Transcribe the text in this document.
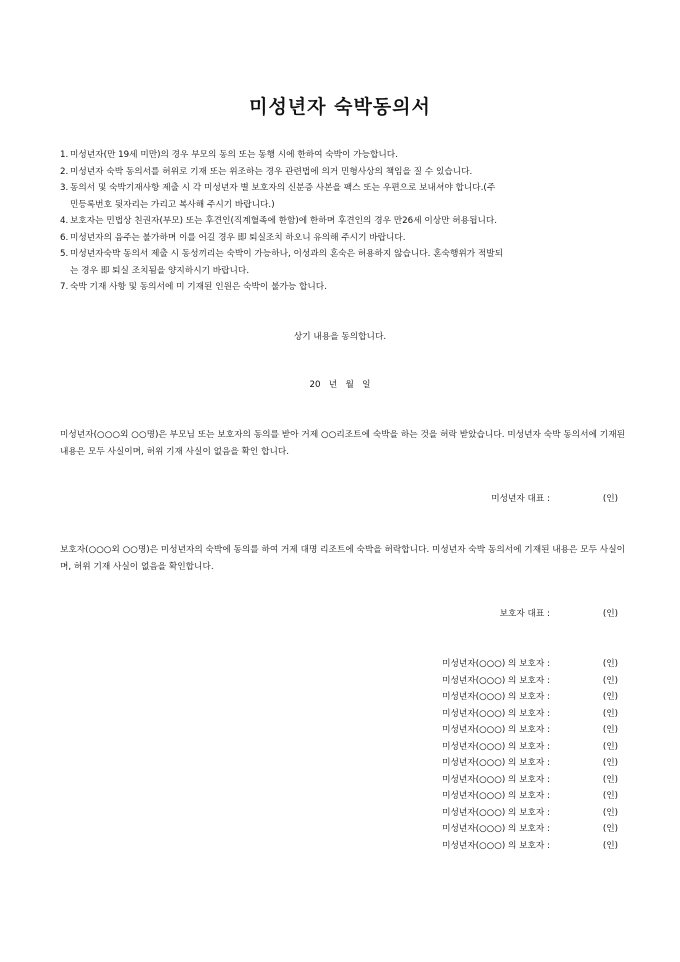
미성년자 숙박동의서
1. 미성년자(만 19세 미만)의 경우 부모의 동의 또는 동행 시에 한하여 숙박이 가능합니다.
2. 미성년자 숙박 동의서를 허위로 기재 또는 위조하는 경우 관련법에 의거 민형사상의 책임을 질 수 있습니다.
3. 동의서 및 숙박기재사항 제출 시 각 미성년자 별 보호자의 신분증 사본을 팩스 또는 우편으로 보내셔야 합니다.(주
민등록번호 뒷자리는 가리고 복사해 주시기 바랍니다.)
4. 보호자는 민법상 친권자(부모) 또는 후견인(직계혈족에 한함)에 한하며 후견인의 경우 만26세 이상만 허용됩니다.
6. 미성년자의 음주는 불가하며 이를 어길 경우 即 퇴실조치 하오니 유의해 주시기 바랍니다.
5. 미성년자숙박 동의서 제출 시 동성끼리는 숙박이 가능하나, 이성과의 혼숙은 허용하지 않습니다. 혼숙행위가 적발되
는 경우 即 퇴실 조치됨을 양지하시기 바랍니다.
7. 숙박 기재 사항 및 동의서에 미 기재된 인원은 숙박이 불가능 합니다.
상기 내용을 동의합니다.
20   년   월   일
미성년자(○○○외 ○○명)은 부모님 또는 보호자의 동의를 받아 거제 ○○리조트에 숙박을 하는 것을 허락 받았습니다. 미성년자 숙박 동의서에 기재된 내용은 모두 사실이며, 허위 기재 사실이 없음을 확인 합니다.
미성년자 대표 :	(인)
보호자(○○○외 ○○명)은 미성년자의 숙박에 동의를 하여 거제 대명 리조트에 숙박을 허락합니다. 미성년자 숙박 동의서에 기재된 내용은 모두 사실이며, 허위 기재 사실이 없음을 확인합니다.
보호자 대표 :	(인)
미성년자(○○○) 의 보호자 :	(인)
미성년자(○○○) 의 보호자 :	(인)
미성년자(○○○) 의 보호자 :	(인)
미성년자(○○○) 의 보호자 :	(인)
미성년자(○○○) 의 보호자 :	(인)
미성년자(○○○) 의 보호자 :	(인)
미성년자(○○○) 의 보호자 :	(인)
미성년자(○○○) 의 보호자 :	(인)
미성년자(○○○) 의 보호자 :	(인)
미성년자(○○○) 의 보호자 :	(인)
미성년자(○○○) 의 보호자 :	(인)
미성년자(○○○) 의 보호자 :	(인)
